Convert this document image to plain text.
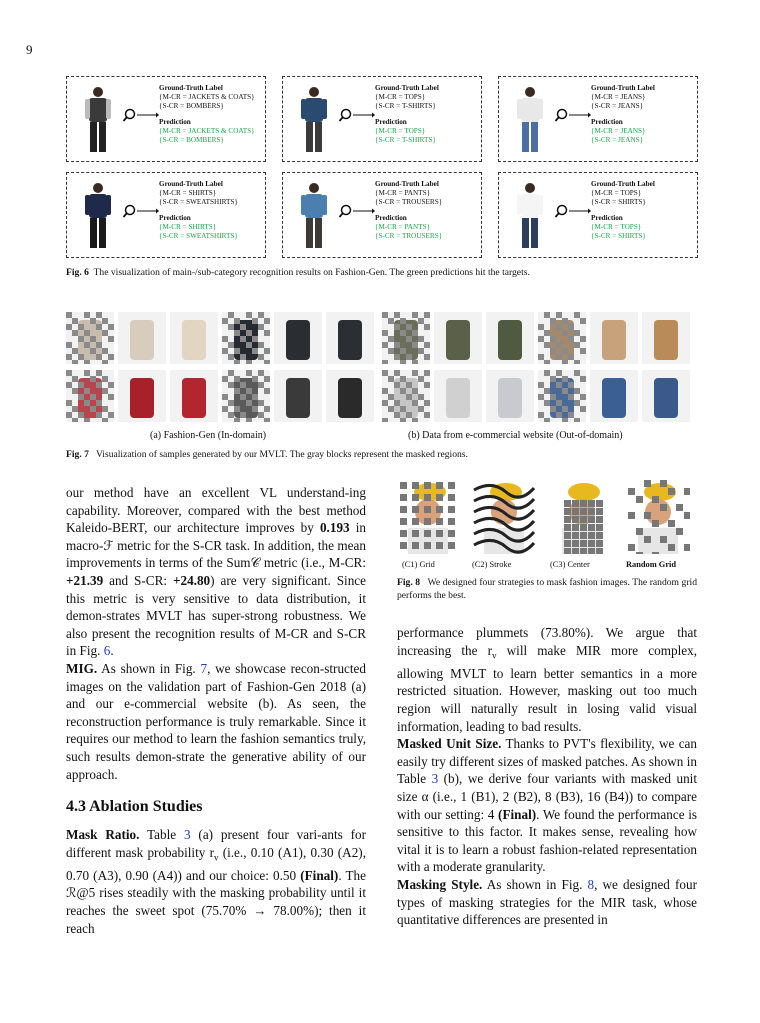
9
Ground-Truth Label
{M-CR = JACKETS & COATS}
{S-CR = BOMBERS}
Prediction
{M-CR = JACKETS & COATS}
{S-CR = BOMBERS}
Ground-Truth Label
{M-CR = TOPS}
{S-CR = T-SHIRTS}
Prediction
{M-CR = TOPS}
{S-CR = T-SHIRTS}
Ground-Truth Label
{M-CR = JEANS}
{S-CR = JEANS}
Prediction
{M-CR = JEANS}
{S-CR = JEANS}
Ground-Truth Label
{M-CR = SHIRTS}
{S-CR = SWEATSHIRTS}
Prediction
{M-CR = SHIRTS}
{S-CR = SWEATSHIRTS}
Ground-Truth Label
{M-CR = PANTS}
{S-CR = TROUSERS}
Prediction
{M-CR = PANTS}
{S-CR = TROUSERS}
Ground-Truth Label
{M-CR = TOPS}
{S-CR = SHIRTS}
Prediction
{M-CR = TOPS}
{S-CR = SHIRTS}
Fig. 6 The visualization of main-/sub-category recognition results on Fashion-Gen. The green predictions hit the targets.
(a) Fashion-Gen (In-domain)	(b) Data from e-commercial website (Out-of-domain)
Fig. 7 Visualization of samples generated by our MVLT. The gray blocks represent the masked regions.
(C1) Grid	(C2) Stroke	(C3) Center	Random Grid
Fig. 8 We designed four strategies to mask fashion images. The random grid performs the best.

our method have an excellent VL understand-ing capability. Moreover, compared with the best method Kaleido-BERT, our architecture improves by 0.193 in macro-ℱ metric for the S-CR task. In addition, the mean improvements in terms of the Sum𝒞 metric (i.e., M-CR: +21.39 and S-CR: +24.80) are very significant. Since this metric is very sensitive to data distribution, it demon-strates MVLT has super-strong robustness. We also present the recognition results of M-CR and S-CR in Fig. 6.

MIG. As shown in Fig. 7, we showcase recon-structed images on the validation part of Fashion-Gen 2018 (a) and our e-commercial website (b). As seen, the reconstruction performance is truly remarkable. Since it requires our method to learn the fashion semantics truly, such results demon-strate the generative ability of our approach.

4.3 Ablation Studies

Mask Ratio. Table 3 (a) present four vari-ants for different mask probability $r_v$ (i.e., 0.10 (A1), 0.30 (A2), 0.70 (A3), 0.90 (A4)) and our choice: 0.50 (Final). The ℛ@5 rises steadily with the masking probability until it reaches the sweet spot (75.70% → 78.00%); then it reach

performance plummets (73.80%). We argue that increasing the $r_v$ will make MIR more complex, allowing MVLT to learn better semantics in a more restricted situation. However, masking out too much region will naturally result in losing valid visual information, leading to bad results.

Masked Unit Size. Thanks to PVT's flexibility, we can easily try different sizes of masked patches. As shown in Table 3 (b), we derive four variants with masked unit size α (i.e., 1 (B1), 2 (B2), 8 (B3), 16 (B4)) to compare with our setting: 4 (Final). We found the performance is sensitive to this factor. It makes sense, revealing how vital it is to learn a robust fashion-related representation with a moderate granularity.

Masking Style. As shown in Fig. 8, we designed four types of masking strategies for the MIR task, whose quantitative differences are presented in
